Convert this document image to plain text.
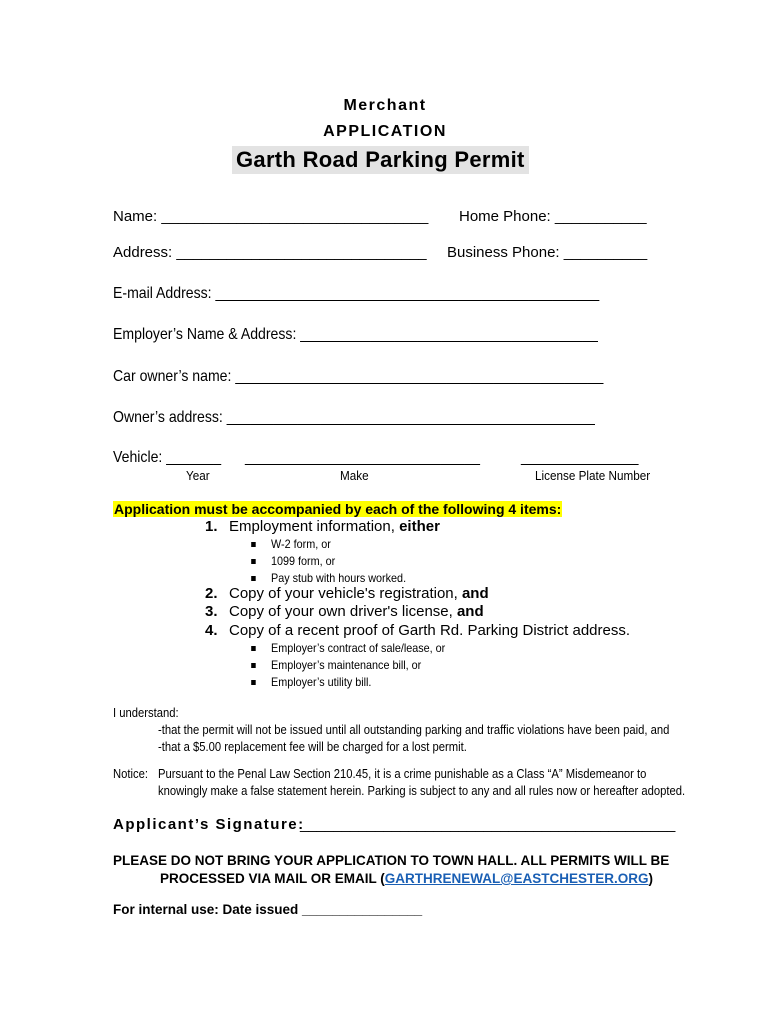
Merchant
APPLICATION
Garth Road Parking Permit
Name: ________________________________ Home Phone: ___________
Address: ______________________________ Business Phone: __________
E-mail Address: _________________________________________________
Employer’s Name & Address: ______________________________________
Car owner’s name: _______________________________________________
Owner’s address: _______________________________________________
Vehicle: _______ ______________________________	_______________
Year	Make	License Plate Number
Application must be accompanied by each of the following 4 items:
1. Employment information, either
W-2 form, or
1099 form, or
Pay stub with hours worked.
2. Copy of your vehicle's registration, and
3. Copy of your own driver's license, and
4. Copy of a recent proof of Garth Rd. Parking District address.
Employer’s contract of sale/lease, or
Employer’s maintenance bill, or
Employer’s utility bill.
I understand:
-that the permit will not be issued until all outstanding parking and traffic violations have been paid, and
-that a $5.00 replacement fee will be charged for a lost permit.
Notice: Pursuant to the Penal Law Section 210.45, it is a crime punishable as a Class “A” Misdemeanor to
knowingly make a false statement herein. Parking is subject to any and all rules now or hereafter adopted.
Applicant’s Signature:
_____________________________________________
PLEASE DO NOT BRING YOUR APPLICATION TO TOWN HALL. ALL PERMITS WILL BE
PROCESSED VIA MAIL OR EMAIL (GARTHRENEWAL@EASTCHESTER.ORG)
For internal use: Date issued ________________
